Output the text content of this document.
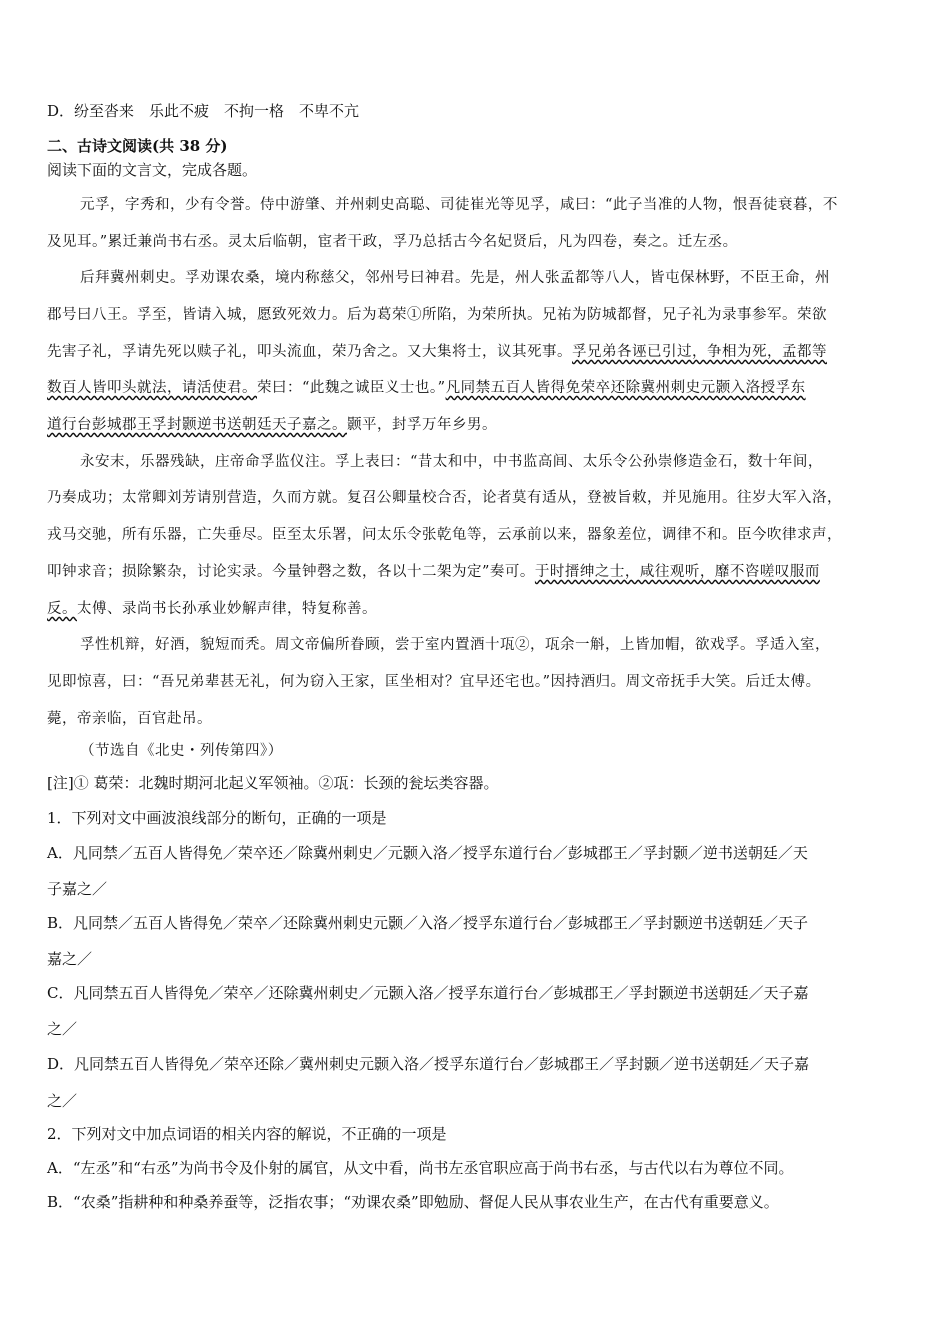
D．纷至沓来　乐此不疲　不拘一格　不卑不亢
二、古诗文阅读(共 38 分)
阅读下面的文言文，完成各题。
元孚，字秀和，少有令誉。侍中游肇、并州刺史高聪、司徒崔光等见孚，咸曰：“此子当准的人物，恨吾徒衰暮，不
及见耳。”累迁兼尚书右丞。灵太后临朝，宦者干政，孚乃总括古今名妃贤后，凡为四卷，奏之。迁左丞。
后拜冀州刺史。孚劝课农桑，境内称慈父，邻州号曰神君。先是，州人张孟都等八人，皆屯保林野，不臣王命，州
郡号曰八王。孚至，皆请入城，愿致死效力。后为葛荣①所陷，为荣所执。兄祐为防城都督，兄子礼为录事参军。荣欲
先害子礼，孚请先死以赎子礼，叩头流血，荣乃舍之。又大集将士，议其死事。孚兄弟各诬已引过，争相为死，孟都等
数百人皆叩头就法，请活使君。荣曰：“此魏之诚臣义士也。”凡同禁五百人皆得免荣卒还除冀州刺史元颢入洛授孚东
道行台彭城郡王孚封颢逆书送朝廷天子嘉之。颢平，封孚万年乡男。
永安末，乐器残缺，庄帝命孚监仪注。孚上表曰：“昔太和中，中书监高闾、太乐令公孙崇修造金石，数十年间，
乃奏成功；太常卿刘芳请别营造，久而方就。复召公卿量校合否，论者莫有适从，登被旨敕，并见施用。往岁大军入洛，
戎马交驰，所有乐器，亡失垂尽。臣至太乐署，问太乐令张乾龟等，云承前以来，器象差位，调律不和。臣今吹律求声，
叩钟求音；损除繁杂，讨论实录。今量钟磬之数，各以十二架为定”奏可。于时搢绅之士，咸往观听，靡不咨嗟叹服而
反。太傅、录尚书长孙承业妙解声律，特复称善。
孚性机辩，好酒，貌短而秃。周文帝偏所眷顾，尝于室内置酒十瓨②，瓨余一斛，上皆加帽，欲戏孚。孚适入室，
见即惊喜，曰：“吾兄弟辈甚无礼，何为窃入王家，匡坐相对？宜早还宅也。”因持酒归。周文帝抚手大笑。后迁太傅。
薨，帝亲临，百官赴吊。
（节选自《北史・列传第四》）
[注]① 葛荣：北魏时期河北起义军领袖。②瓨：长颈的瓮坛类容器。
1．下列对文中画波浪线部分的断句，正确的一项是
A．凡同禁／五百人皆得免／荣卒还／除冀州刺史／元颢入洛／授孚东道行台／彭城郡王／孚封颢／逆书送朝廷／天
子嘉之／
B．凡同禁／五百人皆得免／荣卒／还除冀州刺史元颢／入洛／授孚东道行台／彭城郡王／孚封颢逆书送朝廷／天子
嘉之／
C．凡同禁五百人皆得免／荣卒／还除冀州刺史／元颢入洛／授孚东道行台／彭城郡王／孚封颢逆书送朝廷／天子嘉
之／
D．凡同禁五百人皆得免／荣卒还除／冀州刺史元颢入洛／授孚东道行台／彭城郡王／孚封颢／逆书送朝廷／天子嘉
之／
2．下列对文中加点词语的相关内容的解说，不正确的一项是
A．“左丞”和“右丞”为尚书令及仆射的属官，从文中看，尚书左丞官职应高于尚书右丞，与古代以右为尊位不同。
B．“农桑”指耕种和种桑养蚕等，泛指农事；“劝课农桑”即勉励、督促人民从事农业生产，在古代有重要意义。
